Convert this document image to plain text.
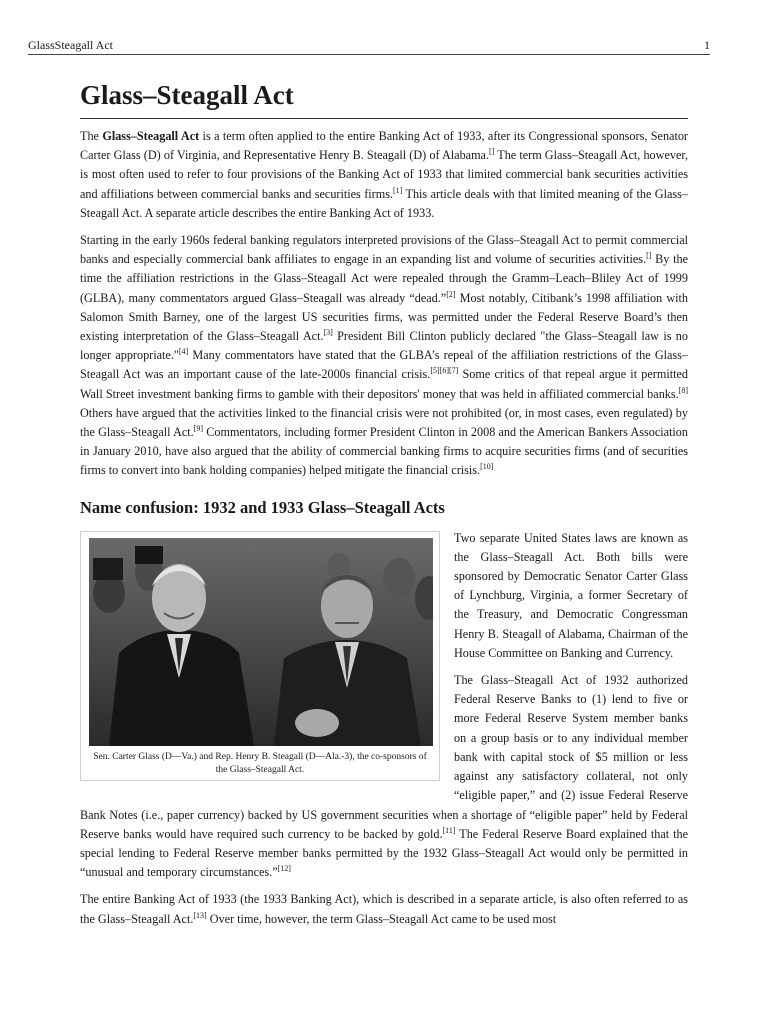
GlassSteagall Act	1
Glass–Steagall Act

The Glass–Steagall Act is a term often applied to the entire Banking Act of 1933, after its Congressional sponsors, Senator Carter Glass (D) of Virginia, and Representative Henry B. Steagall (D) of Alabama.[] The term Glass–Steagall Act, however, is most often used to refer to four provisions of the Banking Act of 1933 that limited commercial bank securities activities and affiliations between commercial banks and securities firms.[1] This article deals with that limited meaning of the Glass–Steagall Act. A separate article describes the entire Banking Act of 1933.

Starting in the early 1960s federal banking regulators interpreted provisions of the Glass–Steagall Act to permit commercial banks and especially commercial bank affiliates to engage in an expanding list and volume of securities activities.[] By the time the affiliation restrictions in the Glass–Steagall Act were repealed through the Gramm–Leach–Bliley Act of 1999 (GLBA), many commentators argued Glass–Steagall was already “dead.”[2] Most notably, Citibank’s 1998 affiliation with Salomon Smith Barney, one of the largest US securities firms, was permitted under the Federal Reserve Board’s then existing interpretation of the Glass–Steagall Act.[3] President Bill Clinton publicly declared "the Glass–Steagall law is no longer appropriate."[4] Many commentators have stated that the GLBA’s repeal of the affiliation restrictions of the Glass–Steagall Act was an important cause of the late-2000s financial crisis.[5][6][7] Some critics of that repeal argue it permitted Wall Street investment banking firms to gamble with their depositors' money that was held in affiliated commercial banks.[8] Others have argued that the activities linked to the financial crisis were not prohibited (or, in most cases, even regulated) by the Glass–Steagall Act.[9] Commentators, including former President Clinton in 2008 and the American Bankers Association in January 2010, have also argued that the ability of commercial banking firms to acquire securities firms (and of securities firms to convert into bank holding companies) helped mitigate the financial crisis.[10]

Name confusion: 1932 and 1933 Glass–Steagall Acts
Sen. Carter Glass (D—Va.) and Rep. Henry B. Steagall (D—Ala.-3), the co-sponsors of the Glass–Steagall Act.

Two separate United States laws are known as the Glass–Steagall Act. Both bills were sponsored by Democratic Senator Carter Glass of Lynchburg, Virginia, a former Secretary of the Treasury, and Democratic Congressman Henry B. Steagall of Alabama, Chairman of the House Committee on Banking and Currency.

The Glass–Steagall Act of 1932 authorized Federal Reserve Banks to (1) lend to five or more Federal Reserve System member banks on a group basis or to any individual member bank with capital stock of $5 million or less against any satisfactory collateral, not only “eligible paper,” and (2) issue Federal Reserve Bank Notes (i.e., paper currency) backed by US government securities when a shortage of “eligible paper” held by Federal Reserve banks would have required such currency to be backed by gold.[11] The Federal Reserve Board explained that the special lending to Federal Reserve member banks permitted by the 1932 Glass–Steagall Act would only be permitted in “unusual and temporary circumstances.”[12]

The entire Banking Act of 1933 (the 1933 Banking Act), which is described in a separate article, is also often referred to as the Glass–Steagall Act.[13] Over time, however, the term Glass–Steagall Act came to be used most
